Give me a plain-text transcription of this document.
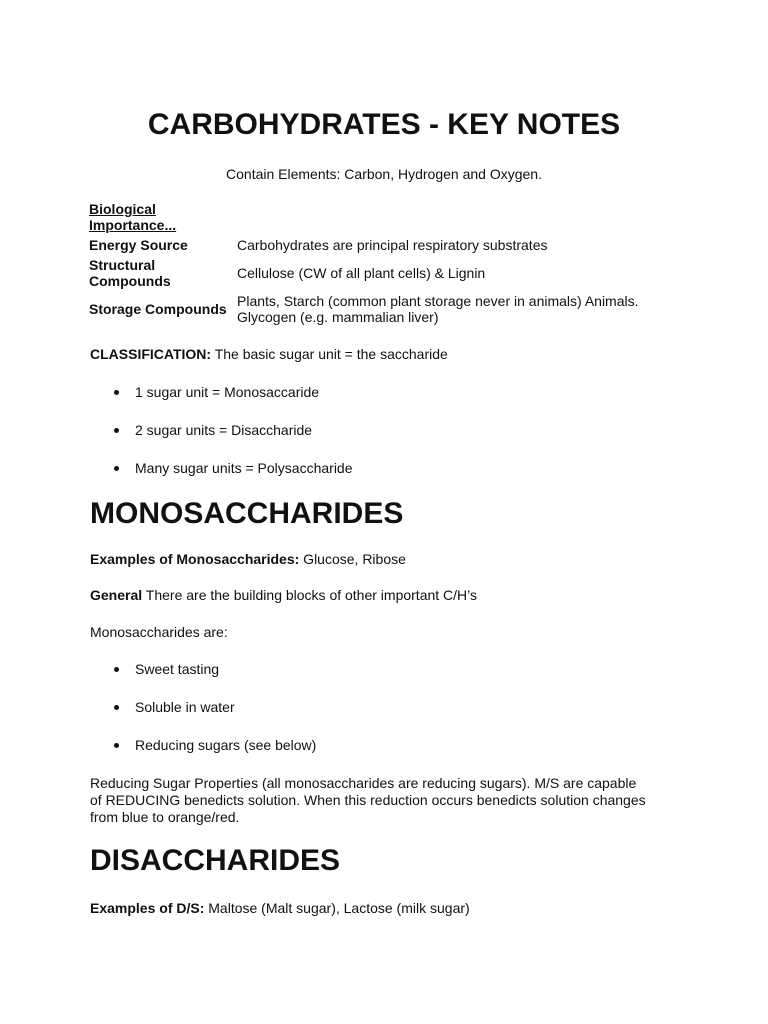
CARBOHYDRATES - KEY NOTES

Contain Elements: Carbon, Hydrogen and Oxygen.

Biological Importance...	
Energy Source	Carbohydrates are principal respiratory substrates
Structural Compounds	Cellulose (CW of all plant cells) & Lignin
Storage Compounds	Plants, Starch (common plant storage never in animals) Animals. Glycogen (e.g. mammalian liver)

CLASSIFICATION: The basic sugar unit = the saccharide

1 sugar unit = Monosaccaride
2 sugar units = Disaccharide
Many sugar units = Polysaccharide
MONOSACCHARIDES

Examples of Monosaccharides: Glucose, Ribose

General There are the building blocks of other important C/H’s

Monosaccharides are:

Sweet tasting
Soluble in water
Reducing sugars (see below)

Reducing Sugar Properties (all monosaccharides are reducing sugars). M/S are capable of REDUCING benedicts solution. When this reduction occurs benedicts solution changes from blue to orange/red.

DISACCHARIDES

Examples of D/S: Maltose (Malt sugar), Lactose (milk sugar)
